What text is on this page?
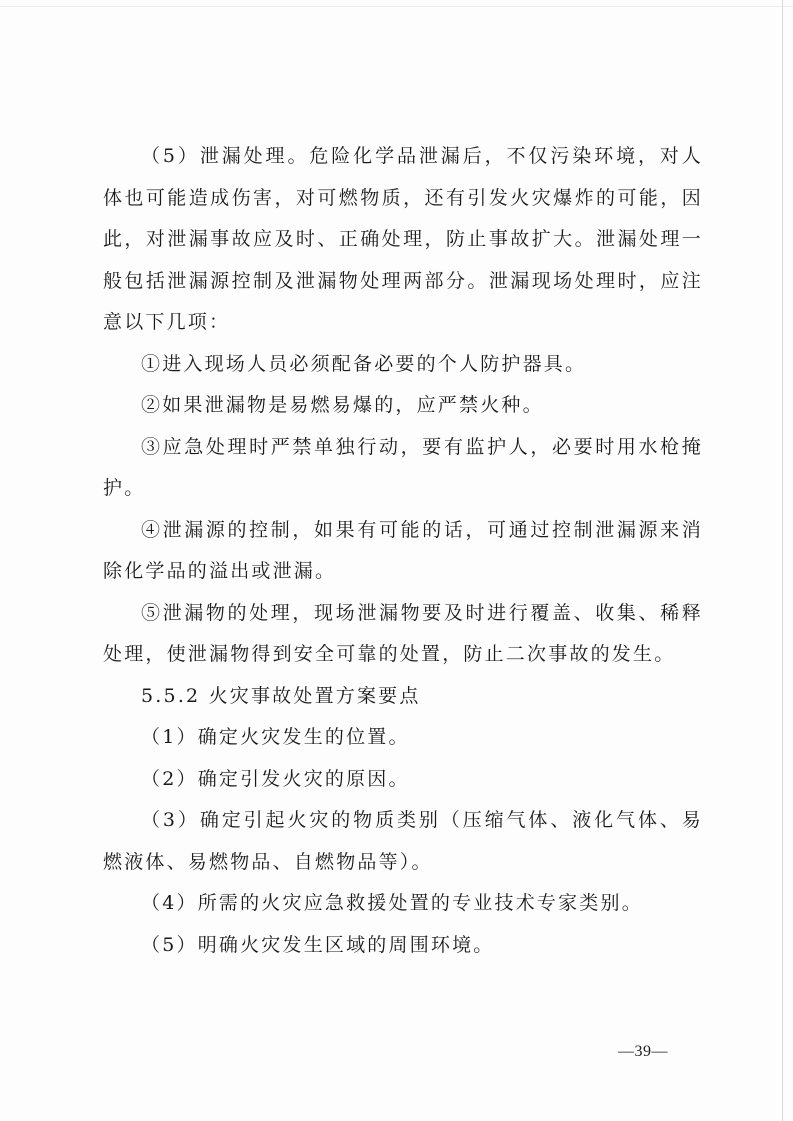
（5）泄漏处理。危险化学品泄漏后，不仅污染环境，对人体也可能造成伤害，对可燃物质，还有引发火灾爆炸的可能，因此，对泄漏事故应及时、正确处理，防止事故扩大。泄漏处理一般包括泄漏源控制及泄漏物处理两部分。泄漏现场处理时，应注意以下几项：

①进入现场人员必须配备必要的个人防护器具。

②如果泄漏物是易燃易爆的，应严禁火种。

③应急处理时严禁单独行动，要有监护人，必要时用水枪掩护。

④泄漏源的控制，如果有可能的话，可通过控制泄漏源来消除化学品的溢出或泄漏。

⑤泄漏物的处理，现场泄漏物要及时进行覆盖、收集、稀释处理，使泄漏物得到安全可靠的处置，防止二次事故的发生。

5.5.2 火灾事故处置方案要点

（1）确定火灾发生的位置。

（2）确定引发火灾的原因。

（3）确定引起火灾的物质类别（压缩气体、液化气体、易燃液体、易燃物品、自燃物品等）。

（4）所需的火灾应急救援处置的专业技术专家类别。

（5）明确火灾发生区域的周围环境。

—39—
